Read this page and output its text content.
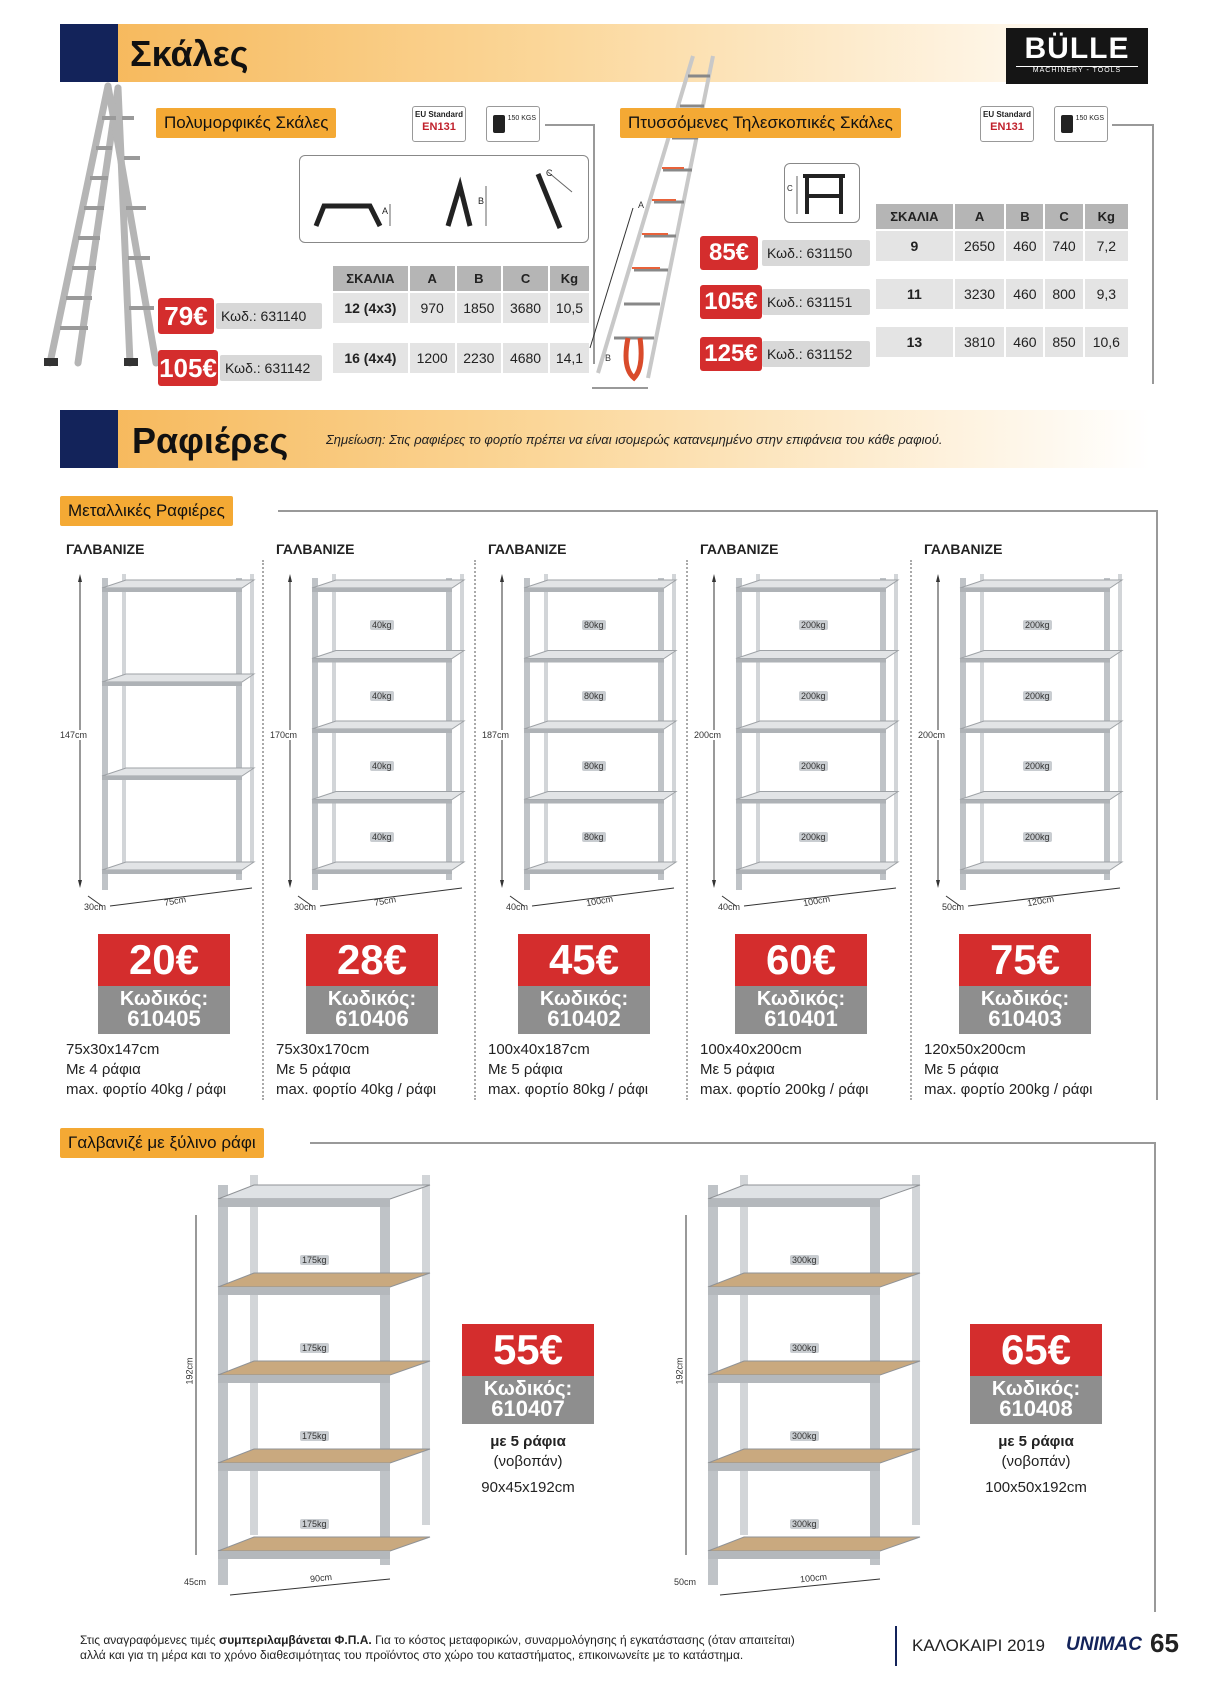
Σκάλες	BÜLLE
MACHINERY - TOOLS
Πολυμορφικές Σκάλες	EU Standard
EN131
150 KGS
A
B
C
ΣΚΑΛΙΑ	A	B	C	Kg
12 (4x3)	970	1850	3680	10,5

16 (4x4)	1200	2230	4680	14,1
79€ Κωδ.: 631140
105€ Κωδ.: 631142
B
A
Πτυσσόμενες Τηλεσκοπικές Σκάλες	EU Standard
EN131
150 KGS
C
ΣΚΑΛΙΑ	A	B	C	Kg
9	2650	460	740	7,2

11	3230	460	800	9,3

13	3810	460	850	10,6
85€	Κωδ.: 631150
105€ Κωδ.: 631151
125€ Κωδ.: 631152
Ραφιέρες	Σημείωση: Στις ραφιέρες το φορτίο πρέπει να είναι ισομερώς κατανεμημένο στην επιφάνεια του κάθε ραφιού.
Μεταλλικές Ραφιέρες
ΓΑΛΒΑΝΙΖΕ
147cm
75cm
30cm
20€
Κωδικός:
610405
75x30x147cm
Με 4 ράφια
max. φορτίο 40kg / ράφι
ΓΑΛΒΑΝΙΖΕ
40kg
40kg
40kg
40kg
170cm
75cm
30cm
28€
Κωδικός:
610406
75x30x170cm
Με 5 ράφια
max. φορτίο 40kg / ράφι
ΓΑΛΒΑΝΙΖΕ
80kg
80kg
80kg
80kg
187cm
100cm
40cm
45€
Κωδικός:
610402
100x40x187cm
Με 5 ράφια
max. φορτίο 80kg / ράφι
ΓΑΛΒΑΝΙΖΕ
200kg
200kg
200kg
200kg
200cm
100cm
40cm
60€
Κωδικός:
610401
100x40x200cm
Με 5 ράφια
max. φορτίο 200kg / ράφι
ΓΑΛΒΑΝΙΖΕ
200kg
200kg
200kg
200kg
200cm
120cm
50cm
75€
Κωδικός:
610403
120x50x200cm
Με 5 ράφια
max. φορτίο 200kg / ράφι
Γαλβανιζέ με ξύλινο ράφι
175kg
175kg
175kg
175kg
192cm
90cm
45cm
55€
Κωδικός:
610407
με 5 ράφια
(νοβοπάν)
90x45x192cm
300kg
300kg
300kg
300kg
192cm
100cm
50cm
65€
Κωδικός:
610408
με 5 ράφια
(νοβοπάν)
100x50x192cm
Στις αναγραφόμενες τιμές συμπεριλαμβάνεται Φ.Π.Α. Για το κόστος μεταφορικών, συναρμολόγησης ή εγκατάστασης (όταν απαιτείται)
αλλά και για τη μέρα και το χρόνο διαθεσιμότητας του προϊόντος στο χώρο του καταστήματος, επικοινωνείτε με το κατάστημα.	ΚΑΛΟΚΑΙΡΙ 2019 UNIMAC 65
